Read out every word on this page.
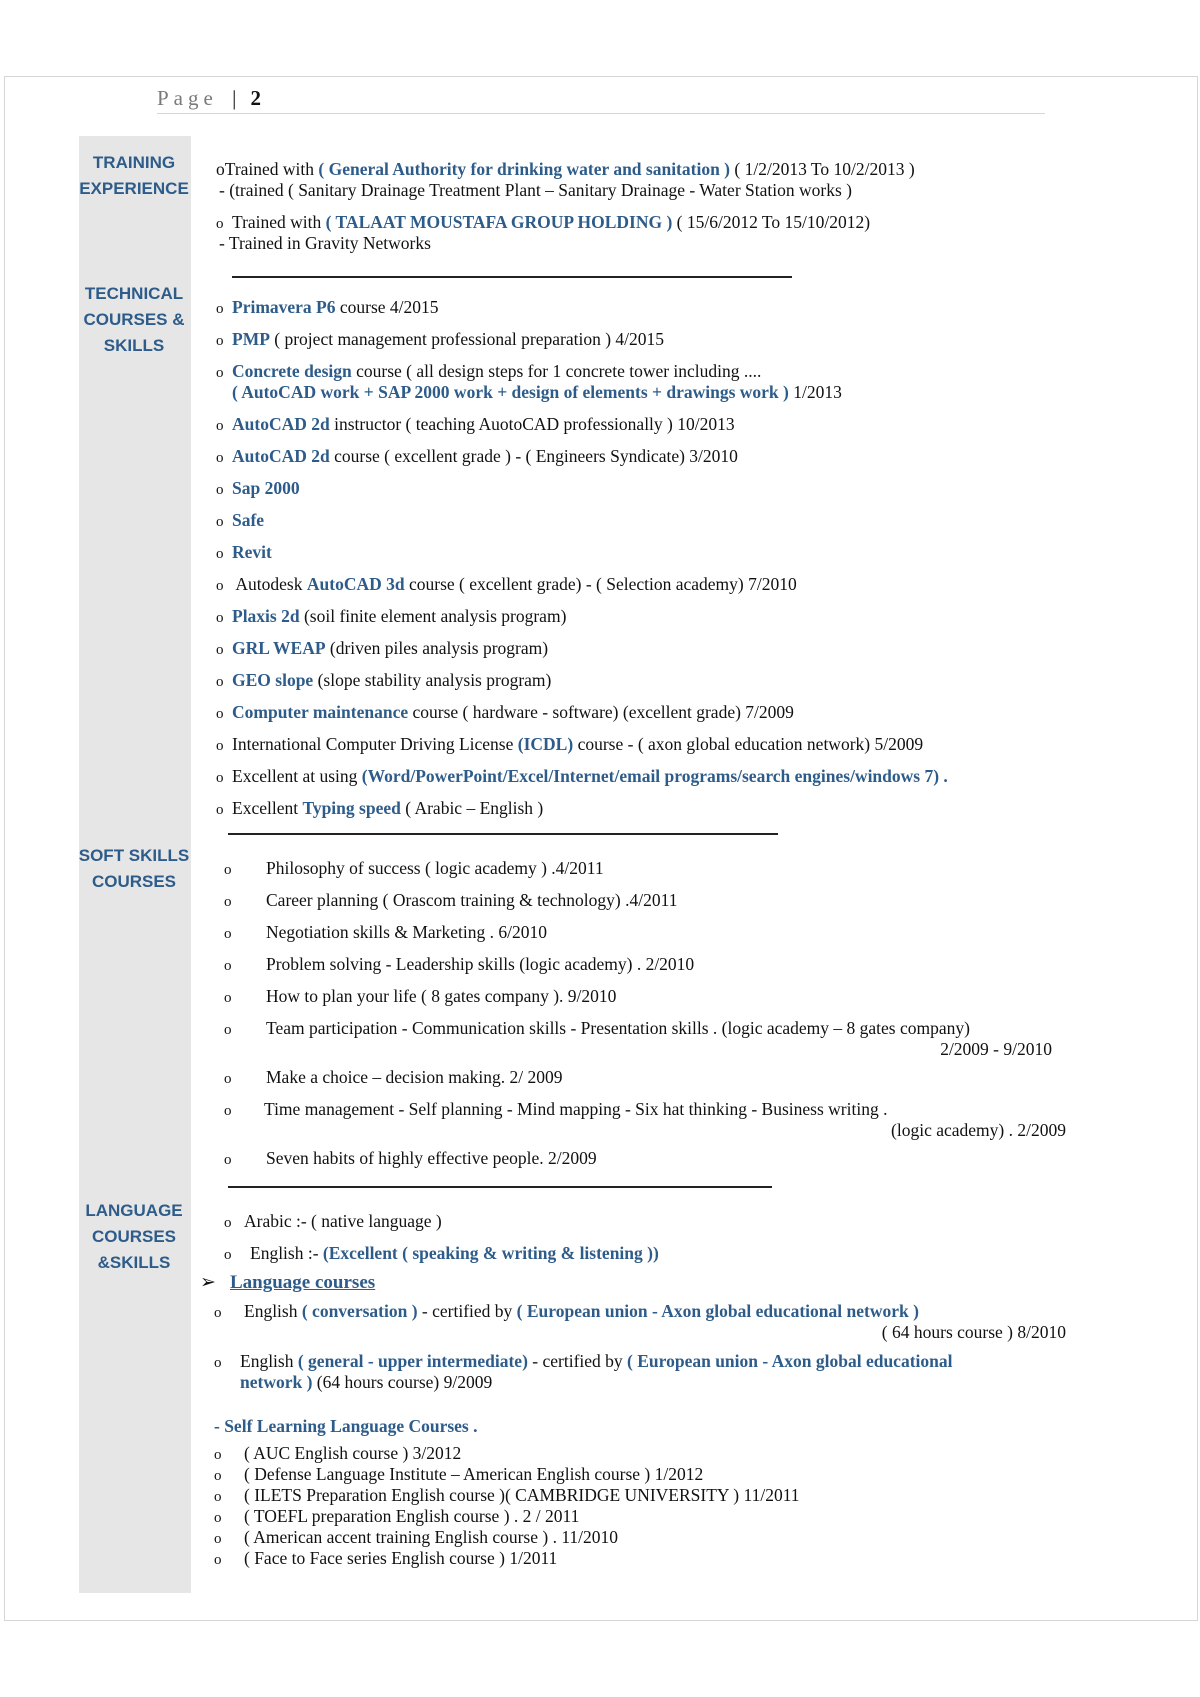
Page | 2
TRAINING
EXPERIENCE
TECHNICAL
COURSES &
SKILLS
SOFT SKILLS
COURSES
LANGUAGE
COURSES
&SKILLS
oTrained with ( General Authority for drinking water and sanitation ) ( 1/2/2013 To 10/2/2013 )
- (trained ( Sanitary Drainage Treatment Plant – Sanitary Drainage - Water Station works )
o Trained with ( TALAAT MOUSTAFA GROUP HOLDING ) ( 15/6/2012 To 15/10/2012)
- Trained in Gravity Networks
o Primavera P6 course 4/2015
o PMP ( project management professional preparation ) 4/2015
o Concrete design course ( all design steps for 1 concrete tower including ....
( AutoCAD work + SAP 2000 work + design of elements + drawings work ) 1/2013
o AutoCAD 2d instructor ( teaching AuotoCAD professionally ) 10/2013
o AutoCAD 2d course ( excellent grade ) - ( Engineers Syndicate) 3/2010
o Sap 2000
o Safe
o Revit
o Autodesk AutoCAD 3d course ( excellent grade) - ( Selection academy) 7/2010
o Plaxis 2d (soil finite element analysis program)
o GRL WEAP (driven piles analysis program)
o GEO slope (slope stability analysis program)
o Computer maintenance course ( hardware - software) (excellent grade) 7/2009
o International Computer Driving License (ICDL) course - ( axon global education network) 5/2009
o Excellent at using (Word/PowerPoint/Excel/Internet/email programs/search engines/windows 7) .
o Excellent Typing speed ( Arabic – English )
o Philosophy of success ( logic academy ) .4/2011
o Career planning ( Orascom training & technology) .4/2011
o Negotiation skills & Marketing . 6/2010
o Problem solving - Leadership skills (logic academy) . 2/2010
o How to plan your life ( 8 gates company ). 9/2010
o Team participation - Communication skills - Presentation skills . (logic academy – 8 gates company)
2/2009 - 9/2010
o Make a choice – decision making. 2/ 2009
o Time management - Self planning - Mind mapping - Six hat thinking - Business writing .
(logic academy) . 2/2009
o Seven habits of highly effective people. 2/2009
o Arabic :- ( native language )
o English :- (Excellent ( speaking & writing & listening ))
➢ Language courses
o English ( conversation ) - certified by ( European union - Axon global educational network )
( 64 hours course ) 8/2010
o English ( general - upper intermediate) - certified by ( European union - Axon global educational
network ) (64 hours course) 9/2009
- Self Learning Language Courses .
o ( AUC English course ) 3/2012
o ( Defense Language Institute – American English course ) 1/2012
o ( ILETS Preparation English course )( CAMBRIDGE UNIVERSITY ) 11/2011
o ( TOEFL preparation English course ) . 2 / 2011
o ( American accent training English course ) . 11/2010
o ( Face to Face series English course ) 1/2011
